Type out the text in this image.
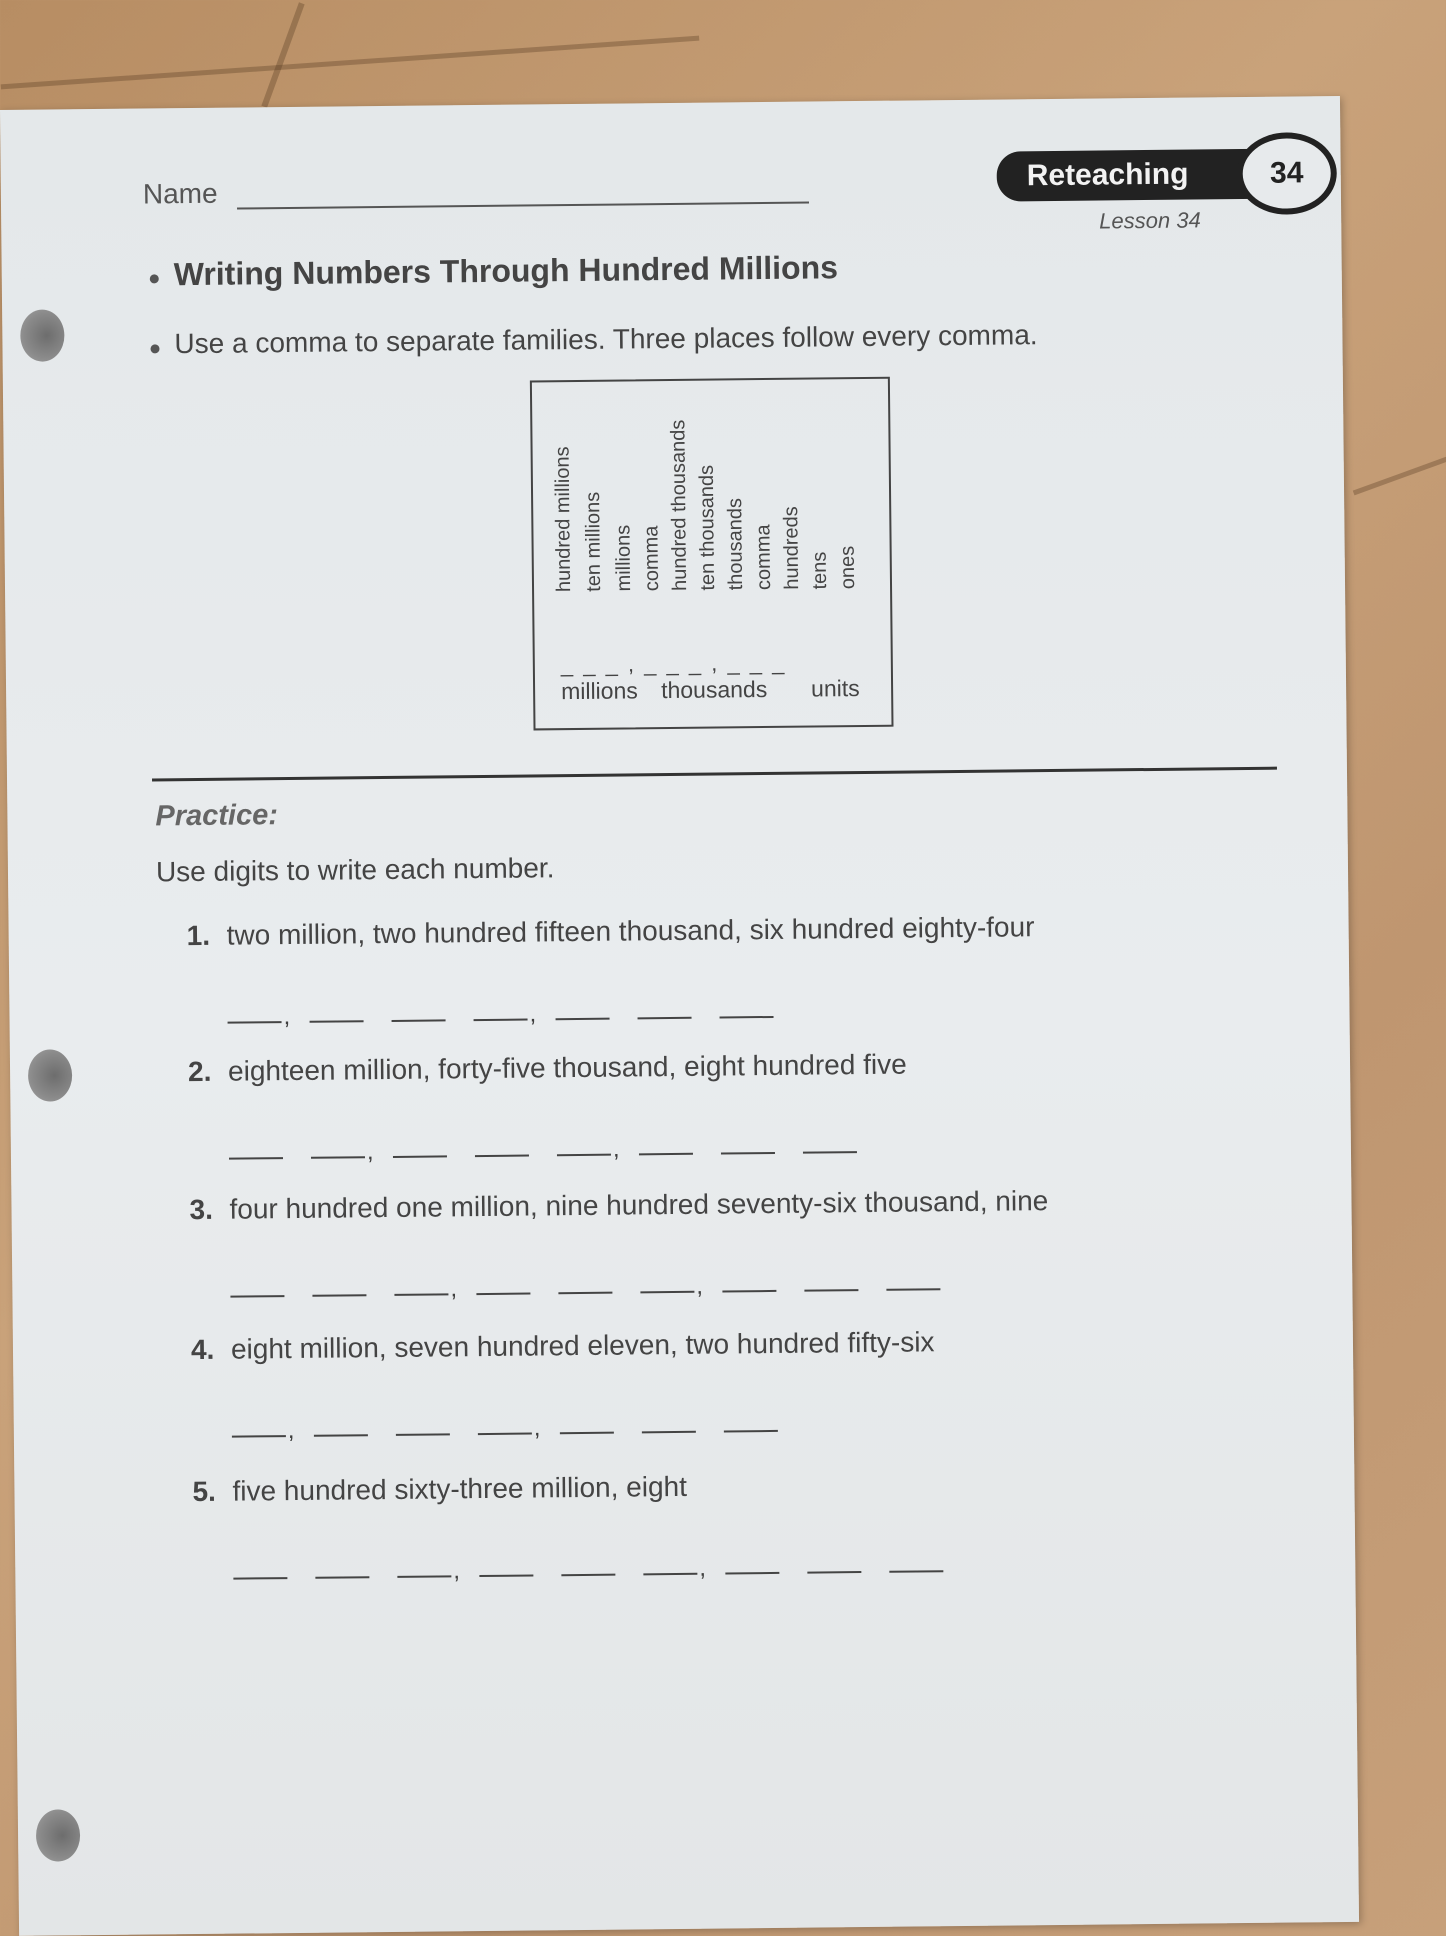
Name
Reteaching	34
Lesson 34
Writing Numbers Through Hundred Millions
Use a comma to separate families. Three places follow every comma.
hundred millions ten millions millions comma hundred thousands ten thousands thousands comma hundreds tens ones
_ _ _ , _ _ _ , _ _ _
millions thousands units
Practice:
Use digits to write each number.
1. two million, two hundred fifteen thousand, six hundred eighty-four
,	,
2. eighteen million, forty-five thousand, eight hundred five
,	,
3. four hundred one million, nine hundred seventy-six thousand, nine
,	,
4. eight million, seven hundred eleven, two hundred fifty-six
,	,
5. five hundred sixty-three million, eight
,	,
